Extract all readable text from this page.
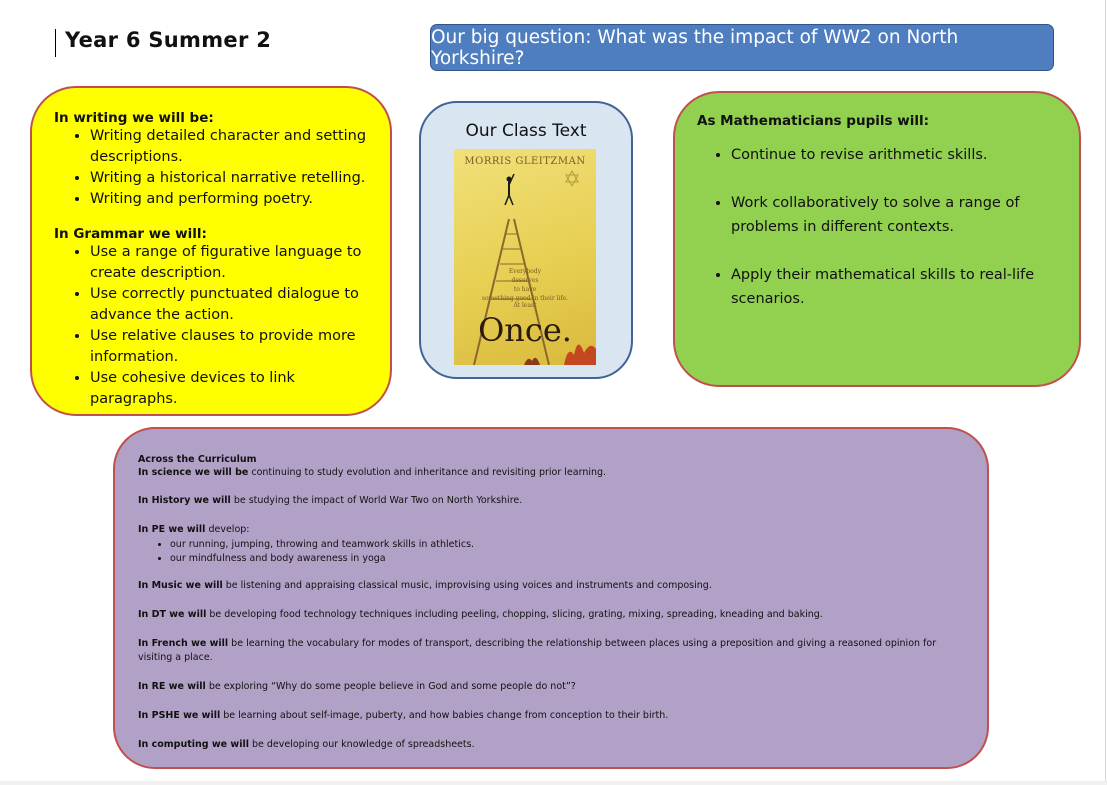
Year 6 Summer 2	Our big question: What was the impact of WW2 on North Yorkshire?
In writing we will be:
• Writing detailed character and setting descriptions.
• Writing a historical narrative retelling.
• Writing and performing poetry.
In Grammar we will:
• Use a range of figurative language to create description.
• Use correctly punctuated dialogue to advance the action.
• Use relative clauses to provide more information.
• Use cohesive devices to link paragraphs.
Our Class Text
MORRIS GLEITZMAN
Everybody
deserves
to have
something good in their life.
At least
Once.
As Mathematicians pupils will:
• Continue to revise arithmetic skills.
• Work collaboratively to solve a range of problems in different contexts.
• Apply their mathematical skills to real-life scenarios.
Across the Curriculum

In science we will be continuing to study evolution and inheritance and revisiting prior learning.

In History we will be studying the impact of World War Two on North Yorkshire.

In PE we will develop:

• our running, jumping, throwing and teamwork skills in athletics.
• our mindfulness and body awareness in yoga

In Music we will be listening and appraising classical music, improvising using voices and instruments and composing.

In DT we will be developing food technology techniques including peeling, chopping, slicing, grating, mixing, spreading, kneading and baking.

In French we will be learning the vocabulary for modes of transport, describing the relationship between places using a preposition and giving a reasoned opinion for visiting a place.

In RE we will be exploring “Why do some people believe in God and some people do not”?

In PSHE we will be learning about self-image, puberty, and how babies change from conception to their birth.

In computing we will be developing our knowledge of spreadsheets.
